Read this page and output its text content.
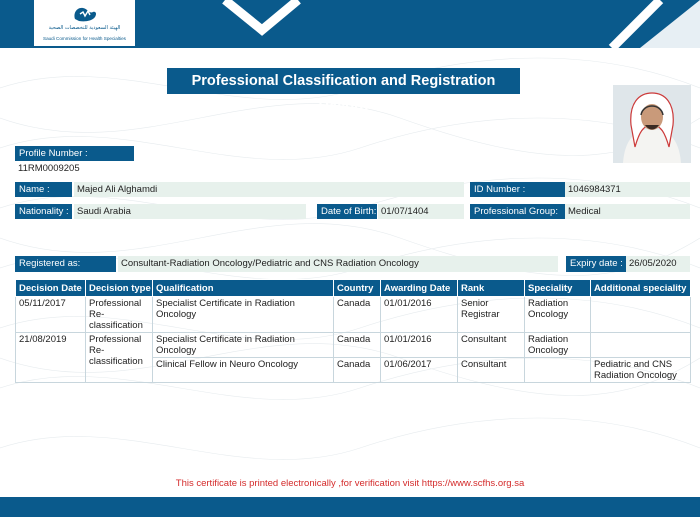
الهيئة السعودية للتخصصات الصحية
Saudi Commission for Health Specialties
Professional Classification and Registration Record
Profile Number :
11RM0009205
Name :	Majed Ali Alghamdi	ID Number :	1046984371
Nationality : Saudi Arabia	Date of Birth: 01/07/1404	Professional Group:	Medical
Registered as:	Consultant-Radiation Oncology/Pediatric and CNS Radiation Oncology	Expiry date : 26/05/2020
Decision Date	Decision type	Qualification	Country	Awarding Date	Rank	Speciality	Additional speciality
05/11/2017	Professional Re-classification	Specialist Certificate in Radiation Oncology	Canada	01/01/2016	Senior Registrar	Radiation Oncology	
21/08/2019	Professional Re-classification	Specialist Certificate in Radiation Oncology	Canada	01/01/2016	Consultant	Radiation Oncology	
		Clinical Fellow in Neuro Oncology	Canada	01/06/2017	Consultant		Pediatric and CNS Radiation Oncology
This certificate is printed electronically ,for verification visit https://www.scfhs.org.sa
